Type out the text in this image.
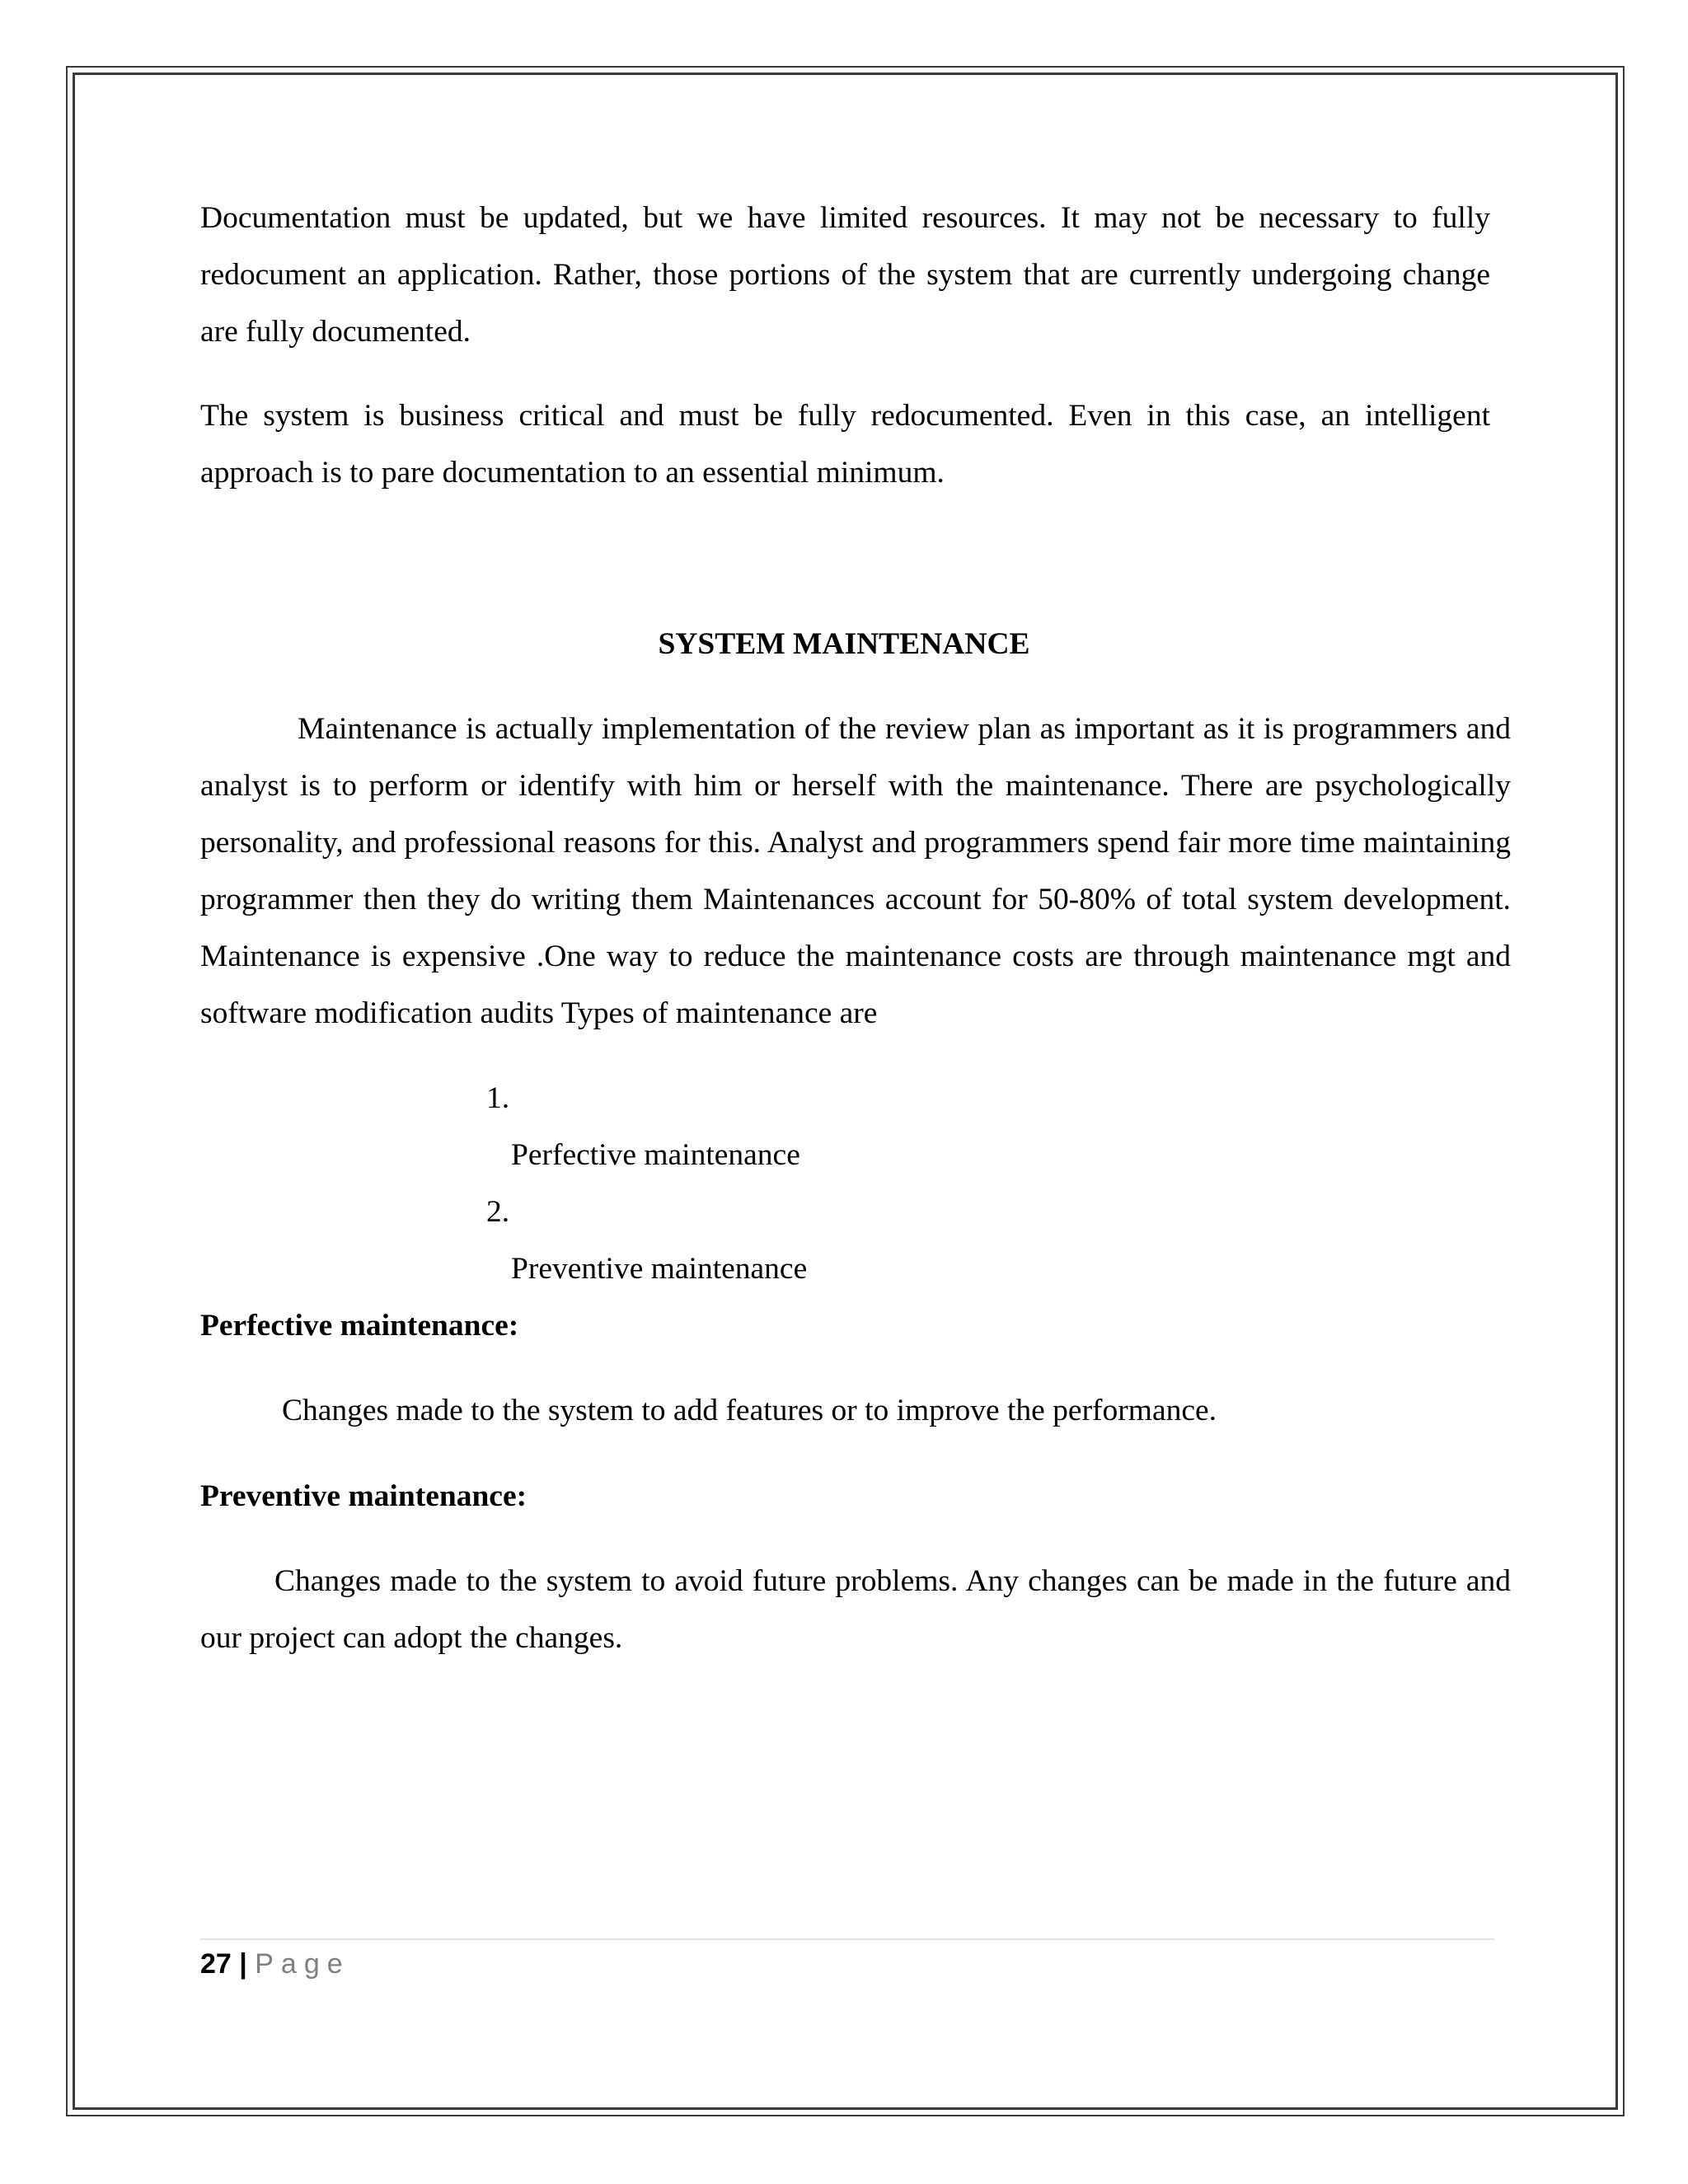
Documentation must be updated, but we have limited resources. It may not be necessary to fully redocument an application. Rather, those portions of the system that are currently undergoing change are fully documented.

The system is business critical and must be fully redocumented. Even in this case, an intelligent approach is to pare documentation to an essential minimum.

SYSTEM MAINTENANCE

Maintenance is actually implementation of the review plan as important as it is programmers and analyst is to perform or identify with him or herself with the maintenance. There are psychologically personality, and professional reasons for this. Analyst and programmers spend fair more time maintaining programmer then they do writing them Maintenances account for 50-80% of total system development. Maintenance is expensive .One way to reduce the maintenance costs are through maintenance mgt and software modification audits Types of maintenance are

1.
Perfective maintenance
2.
Preventive maintenance
Perfective maintenance:

Changes made to the system to add features or to improve the performance.

Preventive maintenance:

Changes made to the system to avoid future problems. Any changes can be made in the future and our project can adopt the changes.

27 | Page
